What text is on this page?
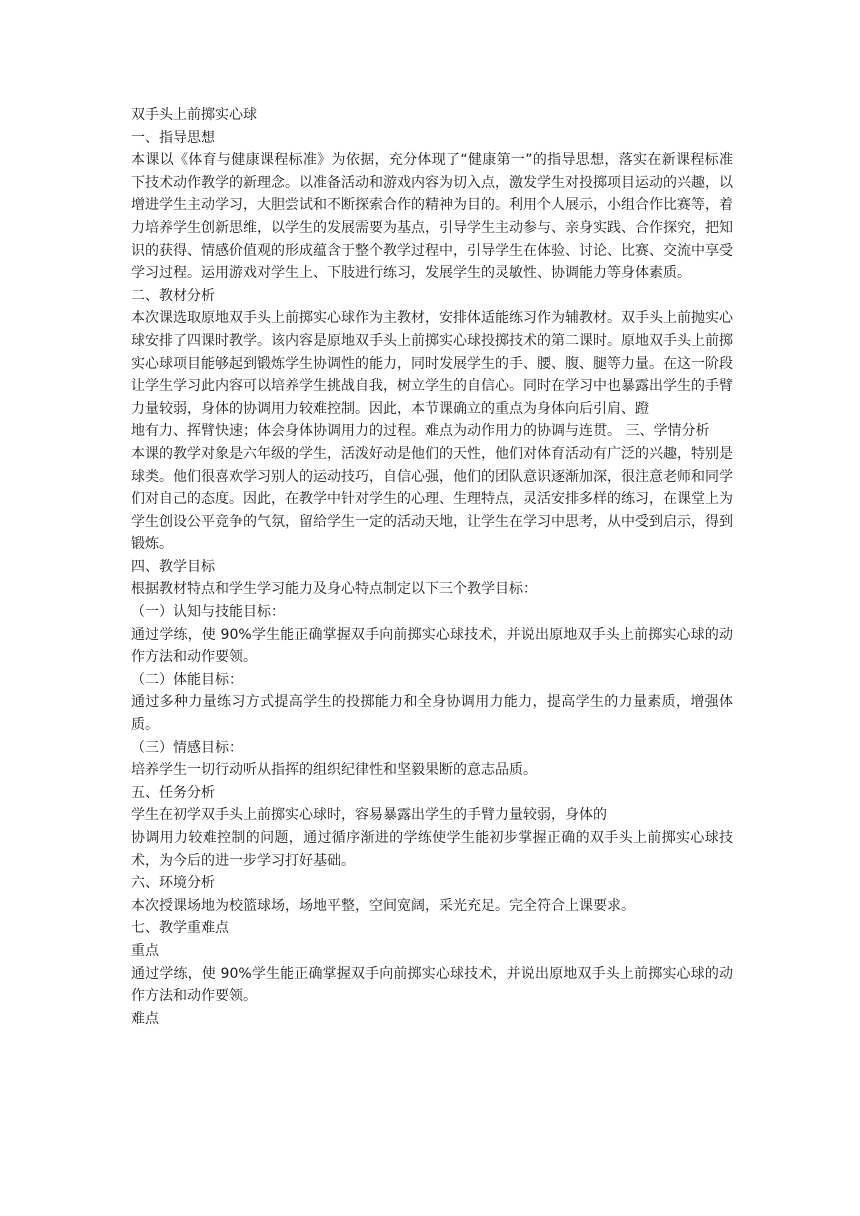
双手头上前掷实心球

一、指导思想

本课以《体育与健康课程标准》为依据，充分体现了“健康第一”的指导思想，落实在新课程标准下技术动作教学的新理念。以准备活动和游戏内容为切入点，激发学生对投掷项目运动的兴趣，以增进学生主动学习，大胆尝试和不断探索合作的精神为目的。利用个人展示，小组合作比赛等，着力培养学生创新思维，以学生的发展需要为基点，引导学生主动参与、亲身实践、合作探究，把知识的获得、情感价值观的形成蕴含于整个教学过程中，引导学生在体验、讨论、比赛、交流中享受学习过程。运用游戏对学生上、下肢进行练习，发展学生的灵敏性、协调能力等身体素质。

二、教材分析

本次课选取原地双手头上前掷实心球作为主教材，安排体适能练习作为辅教材。双手头上前抛实心球安排了四课时教学。该内容是原地双手头上前掷实心球投掷技术的第二课时。原地双手头上前掷实心球项目能够起到锻炼学生协调性的能力，同时发展学生的手、腰、腹、腿等力量。在这一阶段让学生学习此内容可以培养学生挑战自我，树立学生的自信心。同时在学习中也暴露出学生的手臂力量较弱，身体的协调用力较难控制。因此，本节课确立的重点为身体向后引肩、蹬

地有力、挥臂快速；体会身体协调用力的过程。难点为动作用力的协调与连贯。 三、学情分析

本课的教学对象是六年级的学生，活泼好动是他们的天性，他们对体育活动有广泛的兴趣，特别是球类。他们很喜欢学习别人的运动技巧，自信心强，他们的团队意识逐渐加深，很注意老师和同学们对自己的态度。因此，在教学中针对学生的心理、生理特点，灵活安排多样的练习，在课堂上为学生创设公平竞争的气氛，留给学生一定的活动天地，让学生在学习中思考，从中受到启示，得到锻炼。

四、教学目标

根据教材特点和学生学习能力及身心特点制定以下三个教学目标：

（一）认知与技能目标：

通过学练，使 90%学生能正确掌握双手向前掷实心球技术，并说出原地双手头上前掷实心球的动作方法和动作要领。

（二）体能目标：

通过多种力量练习方式提高学生的投掷能力和全身协调用力能力，提高学生的力量素质，增强体质。

（三）情感目标：

培养学生一切行动听从指挥的组织纪律性和坚毅果断的意志品质。

五、任务分析

学生在初学双手头上前掷实心球时，容易暴露出学生的手臂力量较弱，身体的

协调用力较难控制的问题，通过循序渐进的学练使学生能初步掌握正确的双手头上前掷实心球技术，为今后的进一步学习打好基础。

六、环境分析

本次授课场地为校篮球场，场地平整，空间宽阔，采光充足。完全符合上课要求。

七、教学重难点

重点

通过学练，使 90%学生能正确掌握双手向前掷实心球技术，并说出原地双手头上前掷实心球的动作方法和动作要领。

难点
